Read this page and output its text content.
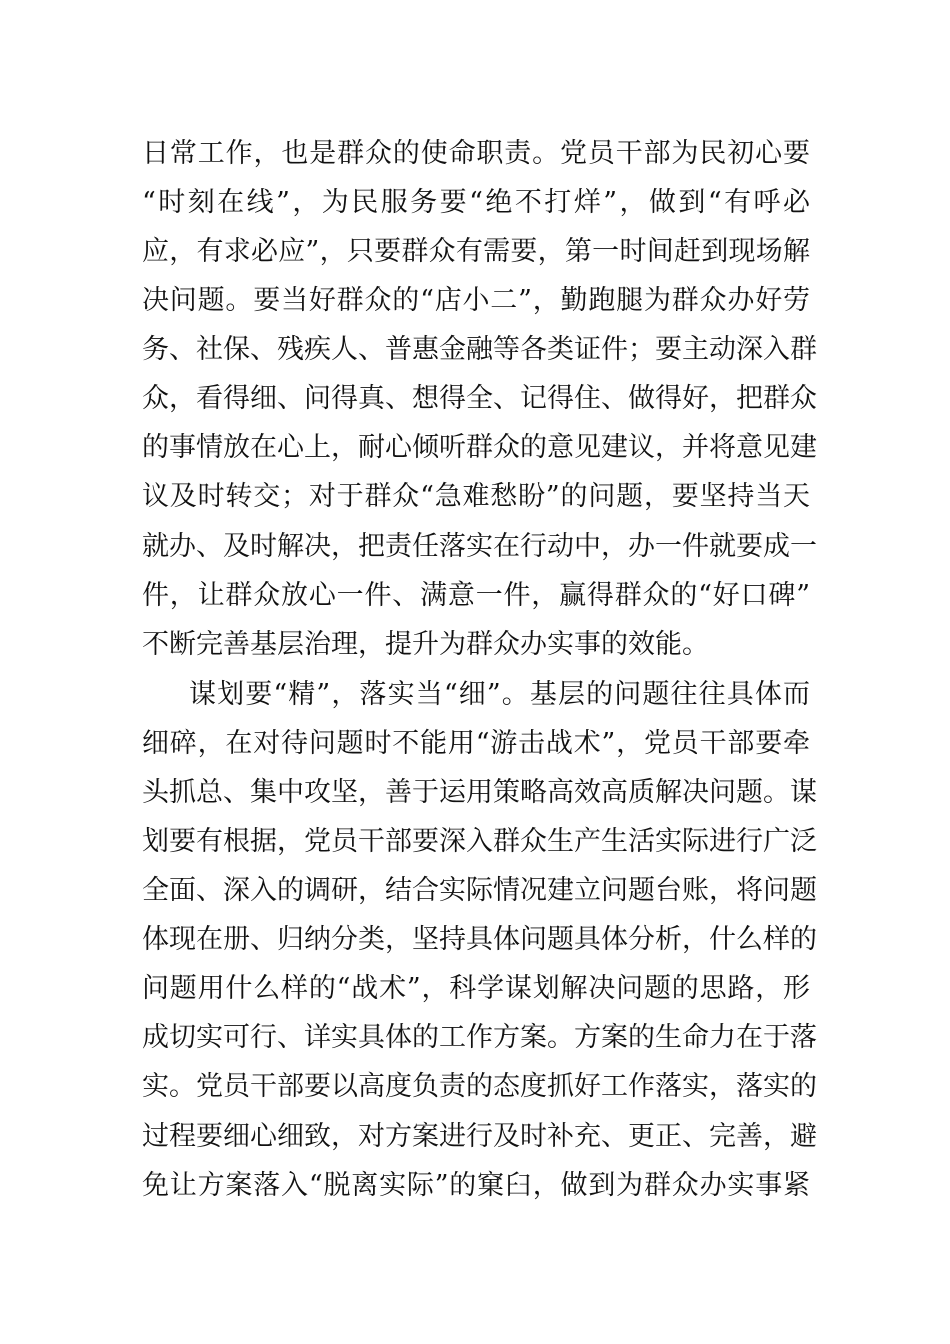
日常工作，也是群众的使命职责。党员干部为民初心要
“时刻在线”，为民服务要“绝不打烊”，做到“有呼必
应，有求必应”，只要群众有需要，第一时间赶到现场解
决问题。要当好群众的“店小二”，勤跑腿为群众办好劳
务、社保、残疾人、普惠金融等各类证件；要主动深入群
众，看得细、问得真、想得全、记得住、做得好，把群众
的事情放在心上，耐心倾听群众的意见建议，并将意见建
议及时转交；对于群众“急难愁盼”的问题，要坚持当天
就办、及时解决，把责任落实在行动中，办一件就要成一
件，让群众放心一件、满意一件，赢得群众的“好口碑”
不断完善基层治理，提升为群众办实事的效能。
谋划要“精”，落实当“细”。基层的问题往往具体而
细碎，在对待问题时不能用“游击战术”，党员干部要牵
头抓总、集中攻坚，善于运用策略高效高质解决问题。谋
划要有根据，党员干部要深入群众生产生活实际进行广泛
全面、深入的调研，结合实际情况建立问题台账，将问题
体现在册、归纳分类，坚持具体问题具体分析，什么样的
问题用什么样的“战术”，科学谋划解决问题的思路，形
成切实可行、详实具体的工作方案。方案的生命力在于落
实。党员干部要以高度负责的态度抓好工作落实，落实的
过程要细心细致，对方案进行及时补充、更正、完善，避
免让方案落入“脱离实际”的窠臼，做到为群众办实事紧
